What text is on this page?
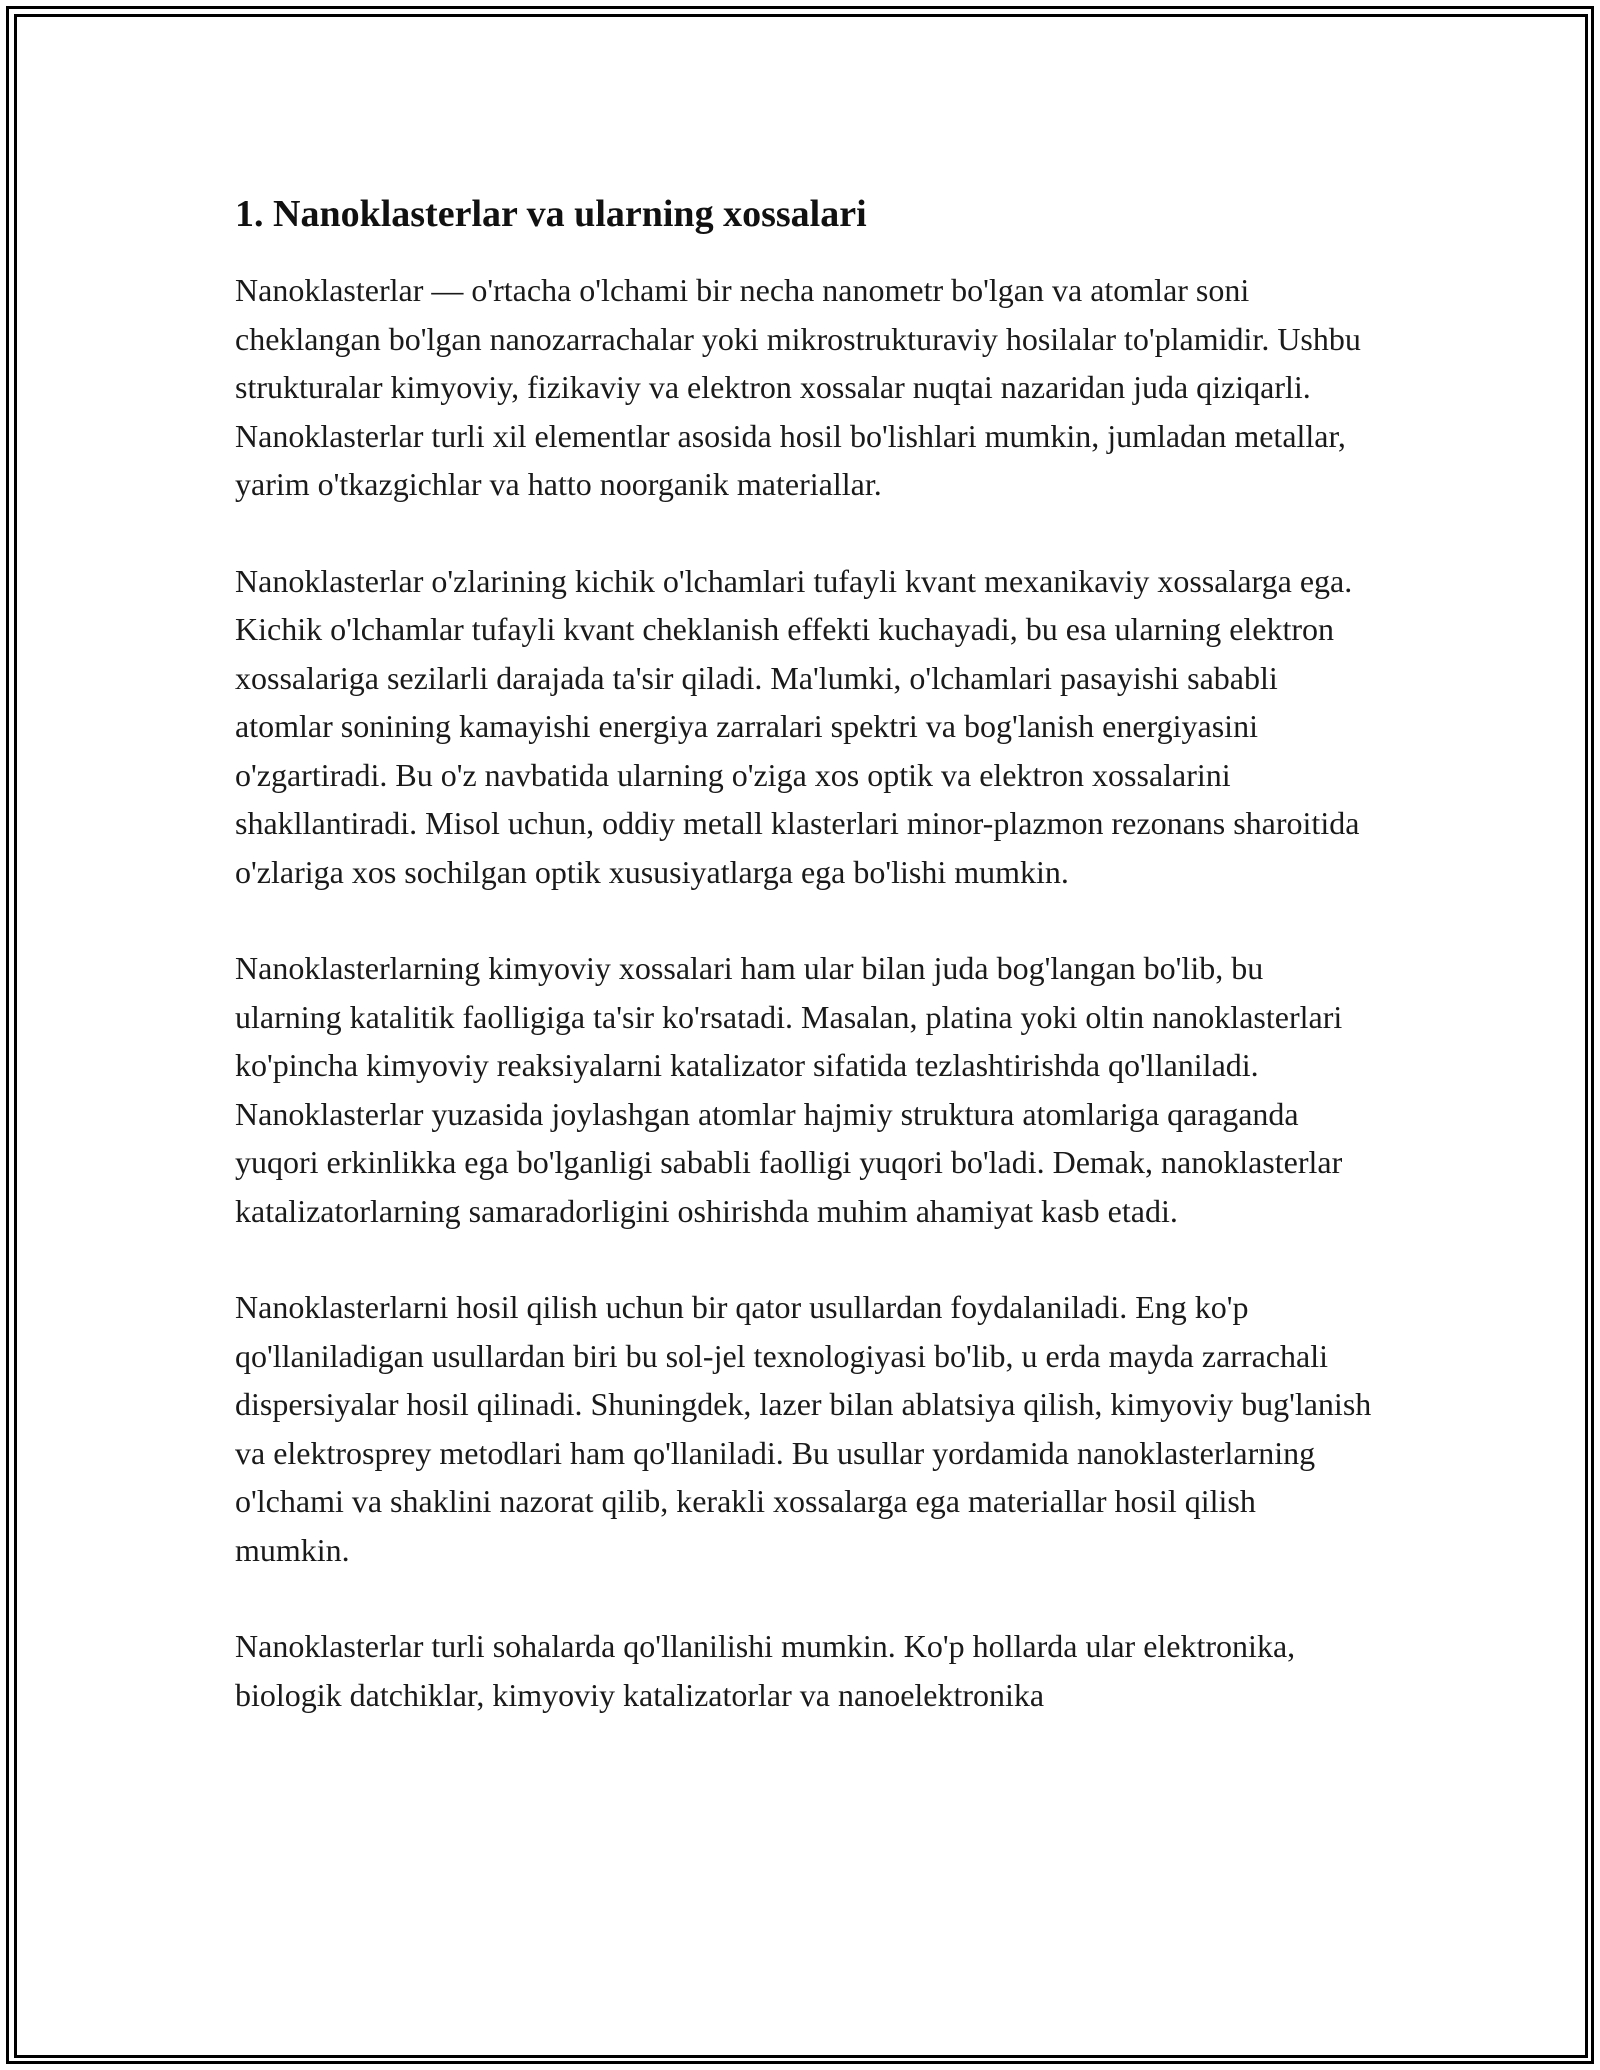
1. Nanoklasterlar va ularning xossalari

Nanoklasterlar — o'rtacha o'lchami bir necha nanometr bo'lgan va atomlar soni cheklangan bo'lgan nanozarrachalar yoki mikrostrukturaviy hosilalar to'plamidir. Ushbu strukturalar kimyoviy, fizikaviy va elektron xossalar nuqtai nazaridan juda qiziqarli. Nanoklasterlar turli xil elementlar asosida hosil bo'lishlari mumkin, jumladan metallar, yarim o'tkazgichlar va hatto noorganik materiallar.

Nanoklasterlar o'zlarining kichik o'lchamlari tufayli kvant mexanikaviy xossalarga ega. Kichik o'lchamlar tufayli kvant cheklanish effekti kuchayadi, bu esa ularning elektron xossalariga sezilarli darajada ta'sir qiladi. Ma'lumki, o'lchamlari pasayishi sababli atomlar sonining kamayishi energiya zarralari spektri va bog'lanish energiyasini o'zgartiradi. Bu o'z navbatida ularning o'ziga xos optik va elektron xossalarini shakllantiradi. Misol uchun, oddiy metall klasterlari minor-plazmon rezonans sharoitida o'zlariga xos sochilgan optik xususiyatlarga ega bo'lishi mumkin.

Nanoklasterlarning kimyoviy xossalari ham ular bilan juda bog'langan bo'lib, bu ularning katalitik faolligiga ta'sir ko'rsatadi. Masalan, platina yoki oltin nanoklasterlari ko'pincha kimyoviy reaksiyalarni katalizator sifatida tezlashtirishda qo'llaniladi. Nanoklasterlar yuzasida joylashgan atomlar hajmiy struktura atomlariga qaraganda yuqori erkinlikka ega bo'lganligi sababli faolligi yuqori bo'ladi. Demak, nanoklasterlar katalizatorlarning samaradorligini oshirishda muhim ahamiyat kasb etadi.

Nanoklasterlarni hosil qilish uchun bir qator usullardan foydalaniladi. Eng ko'p qo'llaniladigan usullardan biri bu sol-jel texnologiyasi bo'lib, u erda mayda zarrachali dispersiyalar hosil qilinadi. Shuningdek, lazer bilan ablatsiya qilish, kimyoviy bug'lanish va elektrosprey metodlari ham qo'llaniladi. Bu usullar yordamida nanoklasterlarning o'lchami va shaklini nazorat qilib, kerakli xossalarga ega materiallar hosil qilish mumkin.

Nanoklasterlar turli sohalarda qo'llanilishi mumkin. Ko'p hollarda ular elektronika, biologik datchiklar, kimyoviy katalizatorlar va nanoelektronika
